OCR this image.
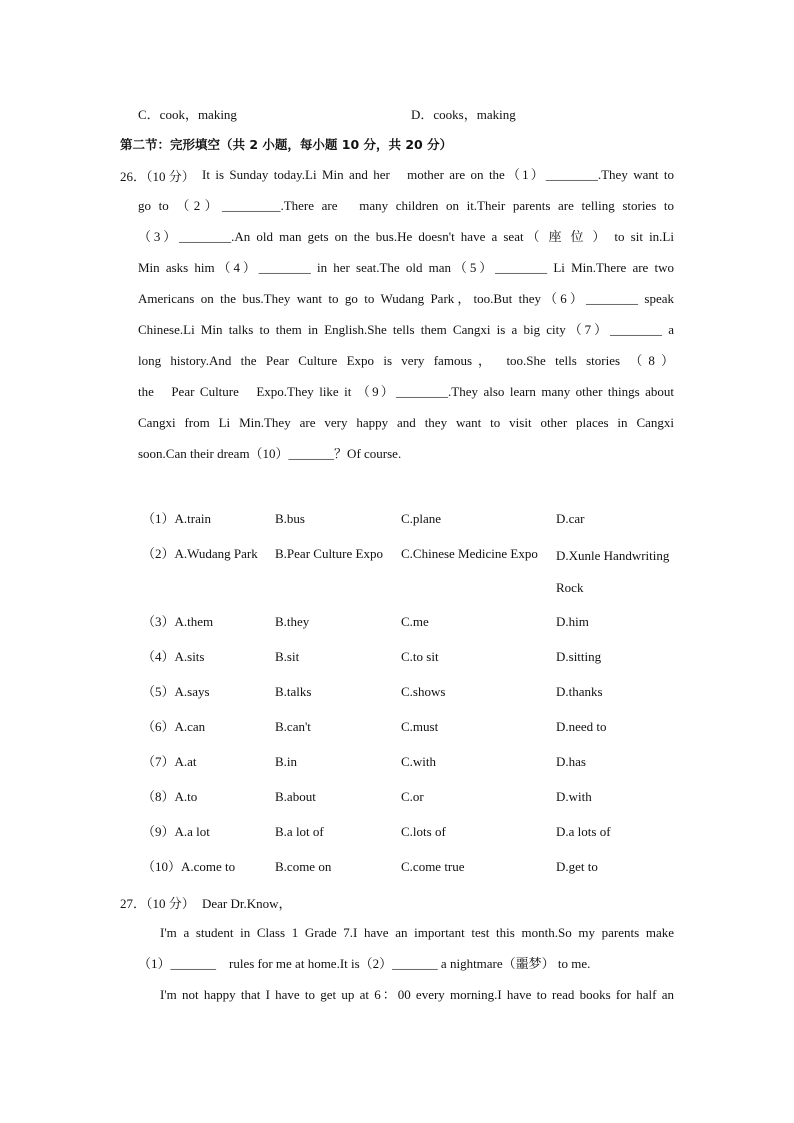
C．cook，making	D．cooks，making
第二节：完形填空（共 2 小题，每小题 10 分，共 20 分）
26．（10 分） It is Sunday today.Li Min and her　mother are on the（1）________.They want to
go to （2）_________.There are　many children on it.Their parents are telling stories to
（3）________.An old man gets on the bus.He doesn't have a seat（ 座 位 ） to sit in.Li
Min asks him（4）________ in her seat.The old man（5）________ Li Min.There are two
Americans on the bus.They want to go to Wudang Park，too.But they（6）________ speak
Chinese.Li Min talks to them in English.She tells them Cangxi is a big city（7）________ a
long history.And the Pear Culture Expo is very famous， too.She tells stories （8）
the　Pear Culture　Expo.They like it （9）________.They also learn many other things about
Cangxi from Li Min.They are very happy and they want to visit other places in Cangxi
soon.Can their dream（10）_______？Of course.
（1）A.train	B.bus	C.plane	D.car
（2）A.Wudang Park	B.Pear Culture Expo	C.Chinese Medicine Expo	D.Xunle Handwriting Rock
（3）A.them	B.they	C.me	D.him
（4）A.sits	B.sit	C.to sit	D.sitting
（5）A.says	B.talks	C.shows	D.thanks
（6）A.can	B.can't	C.must	D.need to
（7）A.at	B.in	C.with	D.has
（8）A.to	B.about	C.or	D.with
（9）A.a lot	B.a lot of	C.lots of	D.a lots of
（10）A.come to	B.come on	C.come true	D.get to
27．（10 分） Dear Dr.Know，
I'm a student in Class 1 Grade 7.I have an important test this month.So my parents make
（1）_______　rules for me at home.It is（2）_______ a nightmare（噩梦） to me.
I'm not happy that I have to get up at 6：00 every morning.I have to read books for half an
